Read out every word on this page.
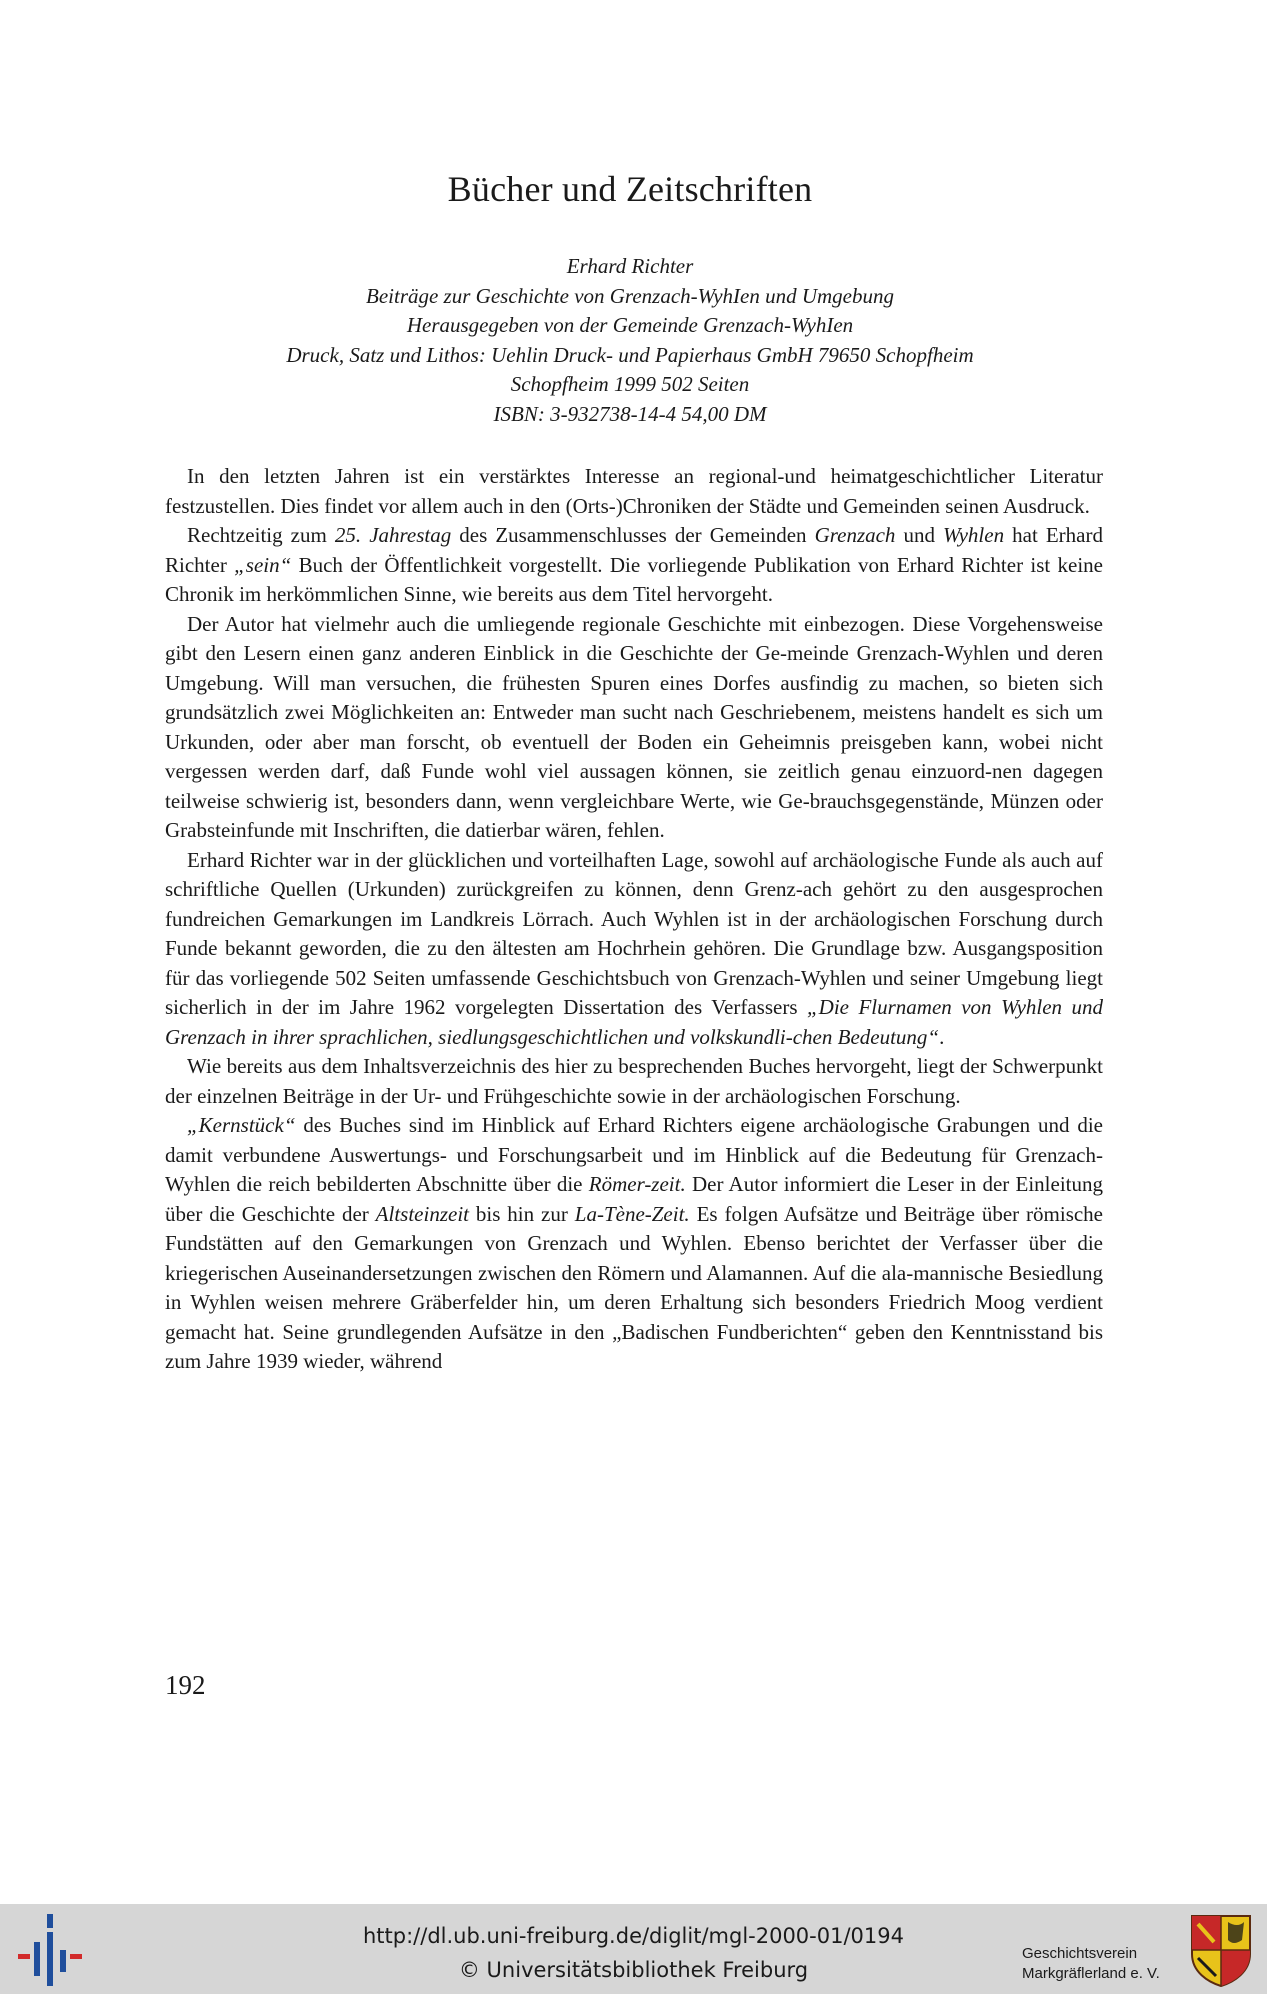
Bücher und Zeitschriften
Erhard Richter
Beiträge zur Geschichte von Grenzach-WyhIen und Umgebung
Herausgegeben von der Gemeinde Grenzach-WyhIen
Druck, Satz und Lithos: Uehlin Druck- und Papierhaus GmbH 79650 Schopfheim
Schopfheim 1999 502 Seiten
ISBN: 3-932738-14-4 54,00 DM

In den letzten Jahren ist ein verstärktes Interesse an regional-und heimatgeschichtlicher Literatur festzustellen. Dies findet vor allem auch in den (Orts-)Chroniken der Städte und Gemeinden seinen Ausdruck.

Rechtzeitig zum 25. Jahrestag des Zusammenschlusses der Gemeinden Grenzach und Wyhlen hat Erhard Richter „sein“ Buch der Öffentlichkeit vorgestellt. Die vorliegende Publikation von Erhard Richter ist keine Chronik im herkömmlichen Sinne, wie bereits aus dem Titel hervorgeht.

Der Autor hat vielmehr auch die umliegende regionale Geschichte mit einbezogen. Diese Vorgehensweise gibt den Lesern einen ganz anderen Einblick in die Geschichte der Ge-meinde Grenzach-Wyhlen und deren Umgebung. Will man versuchen, die frühesten Spuren eines Dorfes ausfindig zu machen, so bieten sich grundsätzlich zwei Möglichkeiten an: Entweder man sucht nach Geschriebenem, meistens handelt es sich um Urkunden, oder aber man forscht, ob eventuell der Boden ein Geheimnis preisgeben kann, wobei nicht vergessen werden darf, daß Funde wohl viel aussagen können, sie zeitlich genau einzuord-nen dagegen teilweise schwierig ist, besonders dann, wenn vergleichbare Werte, wie Ge-brauchsgegenstände, Münzen oder Grabsteinfunde mit Inschriften, die datierbar wären, fehlen.

Erhard Richter war in der glücklichen und vorteilhaften Lage, sowohl auf archäologische Funde als auch auf schriftliche Quellen (Urkunden) zurückgreifen zu können, denn Grenz-ach gehört zu den ausgesprochen fundreichen Gemarkungen im Landkreis Lörrach. Auch Wyhlen ist in der archäologischen Forschung durch Funde bekannt geworden, die zu den ältesten am Hochrhein gehören. Die Grundlage bzw. Ausgangsposition für das vorliegende 502 Seiten umfassende Geschichtsbuch von Grenzach-Wyhlen und seiner Umgebung liegt sicherlich in der im Jahre 1962 vorgelegten Dissertation des Verfassers „Die Flurnamen von Wyhlen und Grenzach in ihrer sprachlichen, siedlungsgeschichtlichen und volkskundli-chen Bedeutung“.

Wie bereits aus dem Inhaltsverzeichnis des hier zu besprechenden Buches hervorgeht, liegt der Schwerpunkt der einzelnen Beiträge in der Ur- und Frühgeschichte sowie in der archäologischen Forschung.

„Kernstück“ des Buches sind im Hinblick auf Erhard Richters eigene archäologische Grabungen und die damit verbundene Auswertungs- und Forschungsarbeit und im Hinblick auf die Bedeutung für Grenzach-Wyhlen die reich bebilderten Abschnitte über die Römer-zeit. Der Autor informiert die Leser in der Einleitung über die Geschichte der Altsteinzeit bis hin zur La-Tène-Zeit. Es folgen Aufsätze und Beiträge über römische Fundstätten auf den Gemarkungen von Grenzach und Wyhlen. Ebenso berichtet der Verfasser über die kriegerischen Auseinandersetzungen zwischen den Römern und Alamannen. Auf die ala-mannische Besiedlung in Wyhlen weisen mehrere Gräberfelder hin, um deren Erhaltung sich besonders Friedrich Moog verdient gemacht hat. Seine grundlegenden Aufsätze in den „Badischen Fundberichten“ geben den Kenntnisstand bis zum Jahre 1939 wieder, während

192
http://dl.ub.uni-freiburg.de/diglit/mgl-2000-01/0194
© Universitätsbibliothek Freiburg
Geschichtsverein
Markgräflerland e. V.
